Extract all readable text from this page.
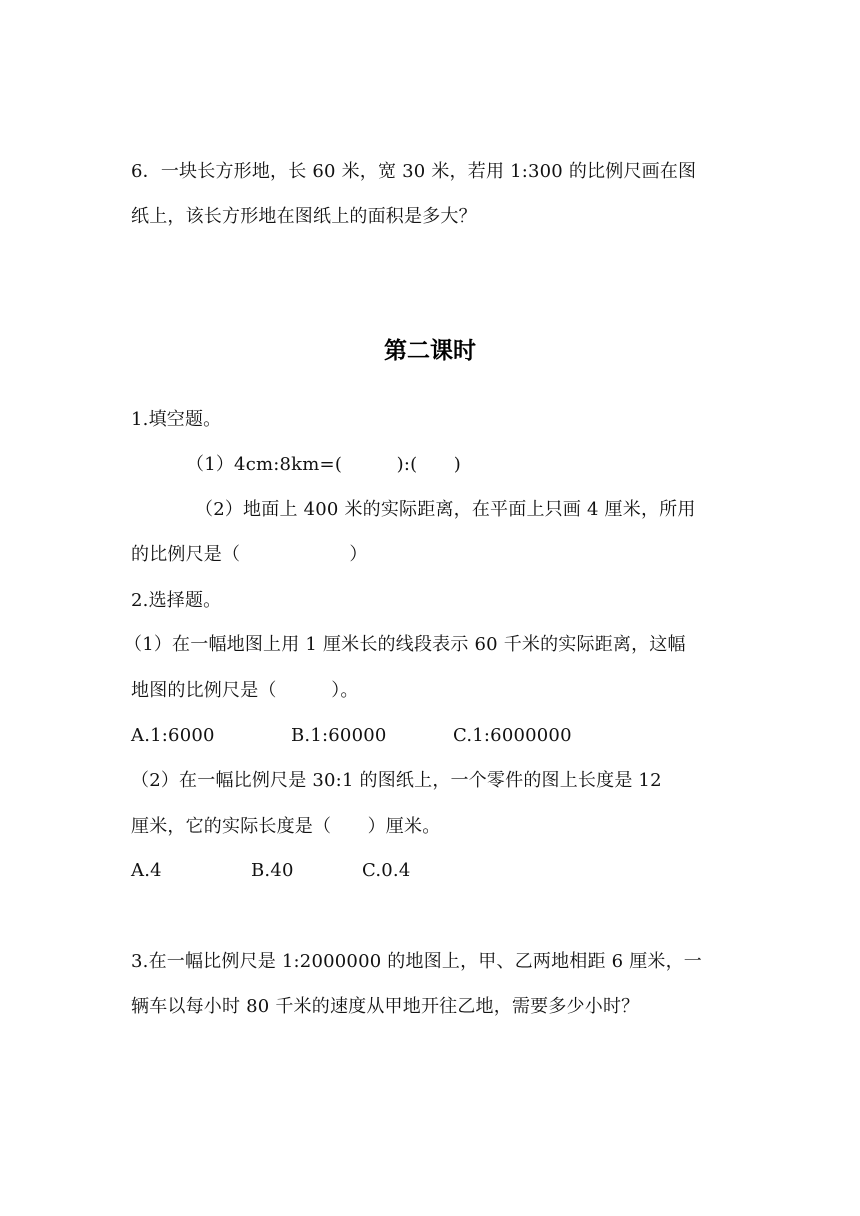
6．一块长方形地，长 60 米，宽 30 米，若用 1:300 的比例尺画在图
纸上，该长方形地在图纸上的面积是多大？
第二课时
1.填空题。
（1）4cm:8km=(　　　):(　　)
（2）地面上 400 米的实际距离，在平面上只画 4 厘米，所用
的比例尺是（　　　　　　）
2.选择题。
（1）在一幅地图上用 1 厘米长的线段表示 60 千米的实际距离，这幅
地图的比例尺是（　　　）。
A.1:6000	B.1:60000	C.1:6000000
（2）在一幅比例尺是 30:1 的图纸上，一个零件的图上长度是 12
厘米，它的实际长度是（　　）厘米。
A.4	B.40	C.0.4
3.在一幅比例尺是 1:2000000 的地图上，甲、乙两地相距 6 厘米，一
辆车以每小时 80 千米的速度从甲地开往乙地，需要多少小时？
